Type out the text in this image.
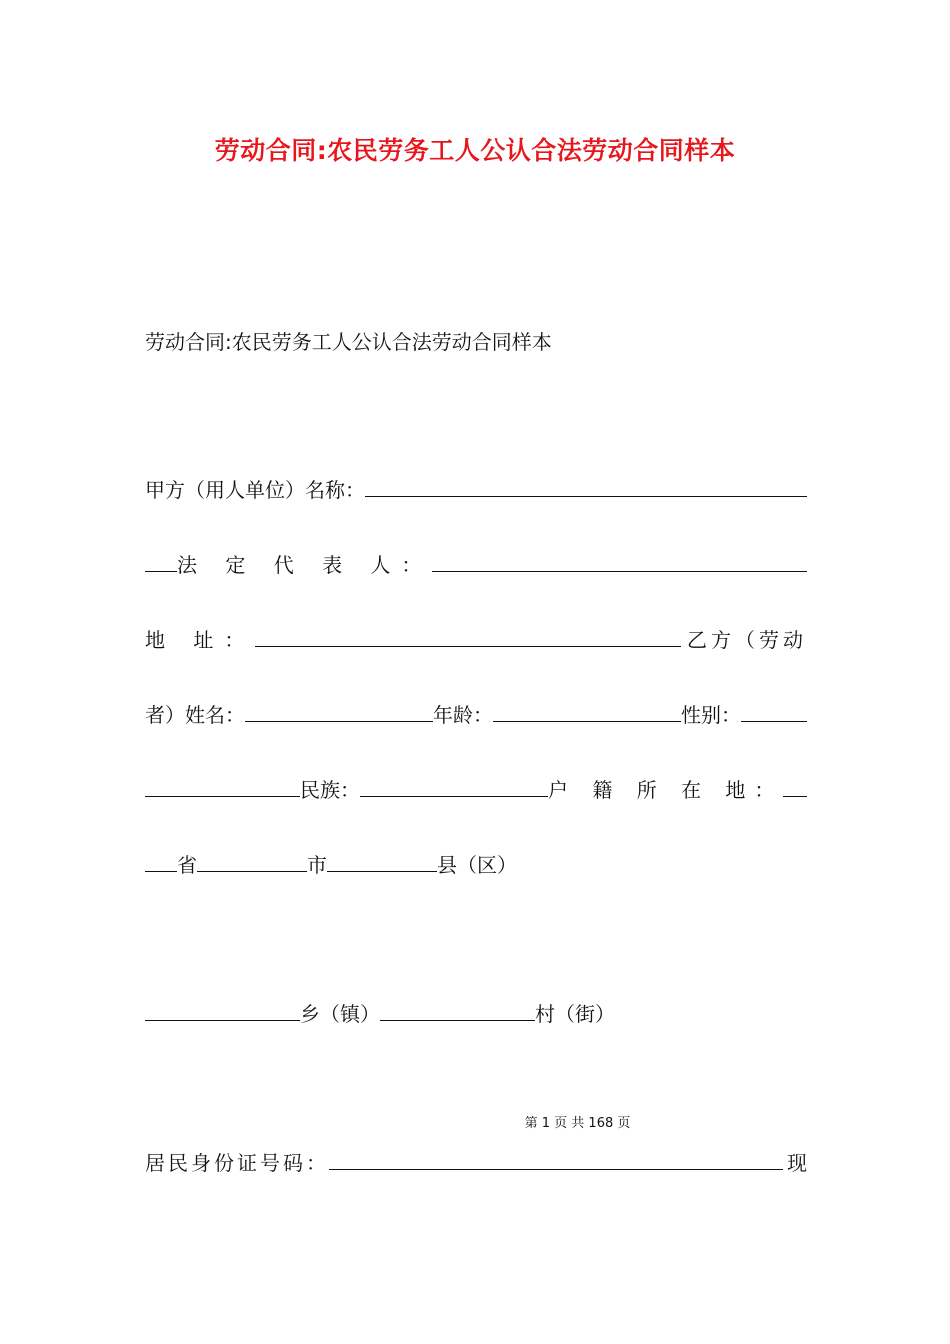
劳动合同:农民劳务工人公认合法劳动合同样本
劳动合同:农民劳务工人公认合法劳动合同样本
甲方（用人单位）名称：
法 定 代 表 人：
地 址：	乙方（劳动
者）姓名：	年龄：	性别：
民族：	户 籍 所 在 地：
省	市	县（区）
乡（镇）	村（街）
第 1 页 共 168 页
居民身份证号码：	现
